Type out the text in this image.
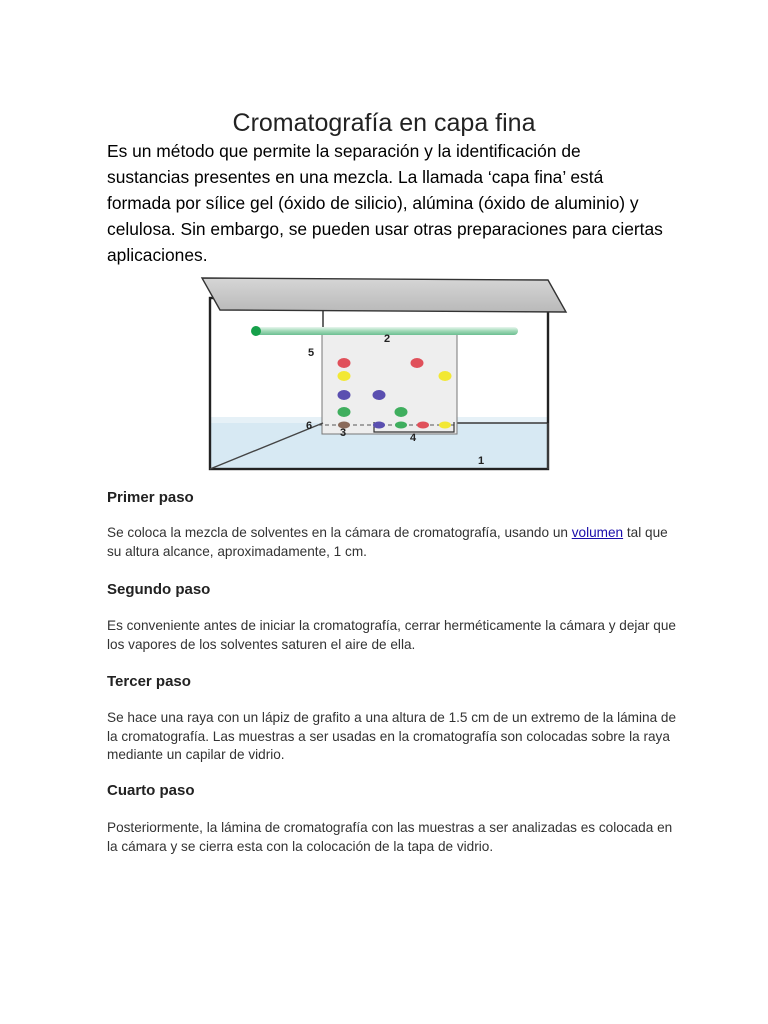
Cromatografía en capa fina
Es un método que permite la separación y la identificación de sustancias presentes en una mezcla. La llamada ‘capa fina’ está formada por sílice gel (óxido de silicio), alúmina (óxido de aluminio) y celulosa. Sin embargo, se pueden usar otras preparaciones para ciertas aplicaciones.
1
2
3	4
5
6
Primer paso
Se coloca la mezcla de solventes en la cámara de cromatografía, usando un volumen tal que su altura alcance, aproximadamente, 1 cm.
Segundo paso
Es conveniente antes de iniciar la cromatografía, cerrar herméticamente la cámara y dejar que los vapores de los solventes saturen el aire de ella.
Tercer paso
Se hace una raya con un lápiz de grafito a una altura de 1.5 cm de un extremo de la lámina de la cromatografía. Las muestras a ser usadas en la cromatografía son colocadas sobre la raya mediante un capilar de vidrio.
Cuarto paso
Posteriormente, la lámina de cromatografía con las muestras a ser analizadas es colocada en la cámara y se cierra esta con la colocación de la tapa de vidrio.
